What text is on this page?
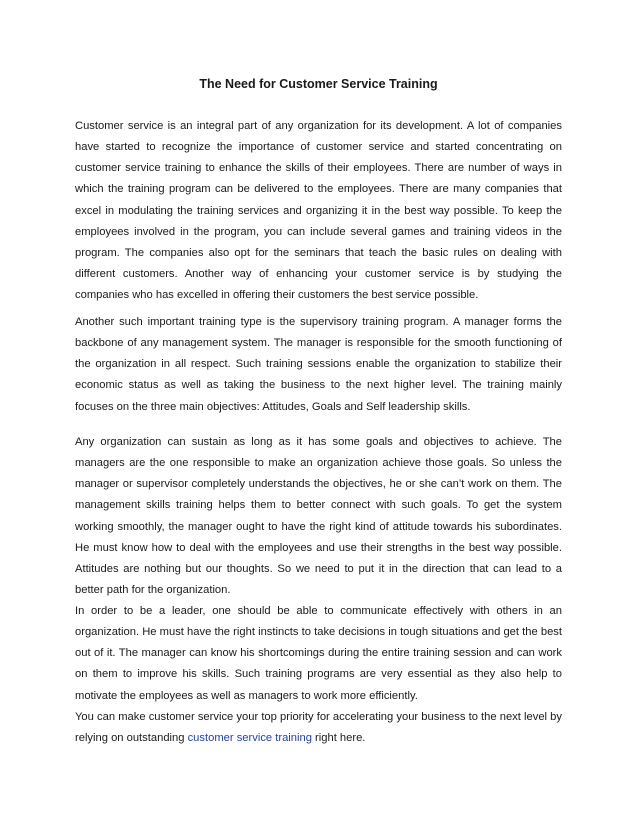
The Need for Customer Service Training

Customer service is an integral part of any organization for its development. A lot of companies have started to recognize the importance of customer service and started concentrating on customer service training to enhance the skills of their employees. There are number of ways in which the training program can be delivered to the employees. There are many companies that excel in modulating the training services and organizing it in the best way possible. To keep the employees involved in the program, you can include several games and training videos in the program. The companies also opt for the seminars that teach the basic rules on dealing with different customers. Another way of enhancing your customer service is by studying the companies who has excelled in offering their customers the best service possible.

Another such important training type is the supervisory training program. A manager forms the backbone of any management system. The manager is responsible for the smooth functioning of the organization in all respect. Such training sessions enable the organization to stabilize their economic status as well as taking the business to the next higher level. The training mainly focuses on the three main objectives: Attitudes, Goals and Self leadership skills.

Any organization can sustain as long as it has some goals and objectives to achieve. The managers are the one responsible to make an organization achieve those goals. So unless the manager or supervisor completely understands the objectives, he or she can’t work on them. The management skills training helps them to better connect with such goals. To get the system working smoothly, the manager ought to have the right kind of attitude towards his subordinates. He must know how to deal with the employees and use their strengths in the best way possible. Attitudes are nothing but our thoughts. So we need to put it in the direction that can lead to a better path for the organization.

In order to be a leader, one should be able to communicate effectively with others in an organization. He must have the right instincts to take decisions in tough situations and get the best out of it. The manager can know his shortcomings during the entire training session and can work on them to improve his skills. Such training programs are very essential as they also help to motivate the employees as well as managers to work more efficiently.
You can make customer service your top priority for accelerating your business to the next level by relying on outstanding customer service training right here.
